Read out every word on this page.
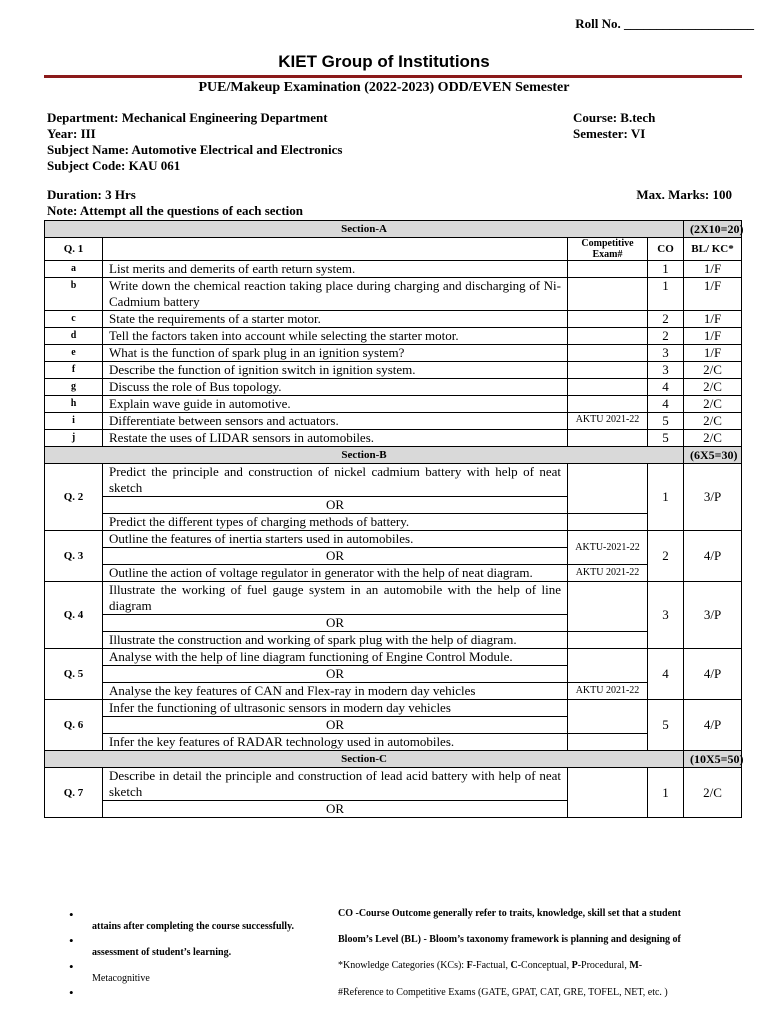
Roll No. ____________________
KIET Group of Institutions
PUE/Makeup Examination (2022-2023) ODD/EVEN Semester
Department: Mechanical Engineering Department
Year: III
Subject Name: Automotive Electrical and Electronics
Subject Code: KAU 061
Course: B.tech
Semester: VI
Duration: 3 Hrs	Max. Marks: 100
Note: Attempt all the questions of each section
Section-A				(2X10=20)
Q. 1		Competitive Exam#	CO	BL/ KC*
a	List merits and demerits of earth return system.		1	1/F
b	Write down the chemical reaction taking place during charging and discharging of Ni-Cadmium battery		1	1/F
c	State the requirements of a starter motor.		2	1/F
d	Tell the factors taken into account while selecting the starter motor.		2	1/F
e	What is the function of spark plug in an ignition system?		3	1/F
f	Describe the function of ignition switch in ignition system.		3	2/C
g	Discuss the role of Bus topology.		4	2/C
h	Explain wave guide in automotive.		4	2/C
i	Differentiate between sensors and actuators.	AKTU 2021-22	5	2/C
j	Restate the uses of LIDAR sensors in automobiles.		5	2/C
Section-B				(6X5=30)
Q. 2	Predict the principle and construction of nickel cadmium battery with help of neat sketch		1	3/P
	OR			
	Predict the different types of charging methods of battery.			
Q. 3	Outline the features of inertia starters used in automobiles.	AKTU-2021-22	2	4/P
	OR			
	Outline the action of voltage regulator in generator with the help of neat diagram.	AKTU 2021-22		
Q. 4	Illustrate the working of fuel gauge system in an automobile with the help of line diagram		3	3/P
	OR			
	Illustrate the construction and working of spark plug with the help of diagram.			
Q. 5	Analyse with the help of line diagram functioning of Engine Control Module.		4	4/P
	OR			
	Analyse the key features of CAN and Flex-ray in modern day vehicles	AKTU 2021-22		
Q. 6	Infer the functioning of ultrasonic sensors in modern day vehicles		5	4/P
	OR			
	Infer the key features of RADAR technology used in automobiles.			
Section-C				(10X5=50)
Q. 7	Describe in detail the principle and construction of lead acid battery with help of neat sketch		1	2/C
	OR			
•
•
•
•
CO -Course Outcome generally refer to traits, knowledge, skill set that a student
attains after completing the course successfully.
Bloom’s Level (BL) - Bloom’s taxonomy framework is planning and designing of
assessment of student’s learning.
*Knowledge Categories (KCs): F-Factual, C-Conceptual, P-Procedural, M-
Metacognitive
#Reference to Competitive Exams (GATE, GPAT, CAT, GRE, TOFEL, NET, etc. )
